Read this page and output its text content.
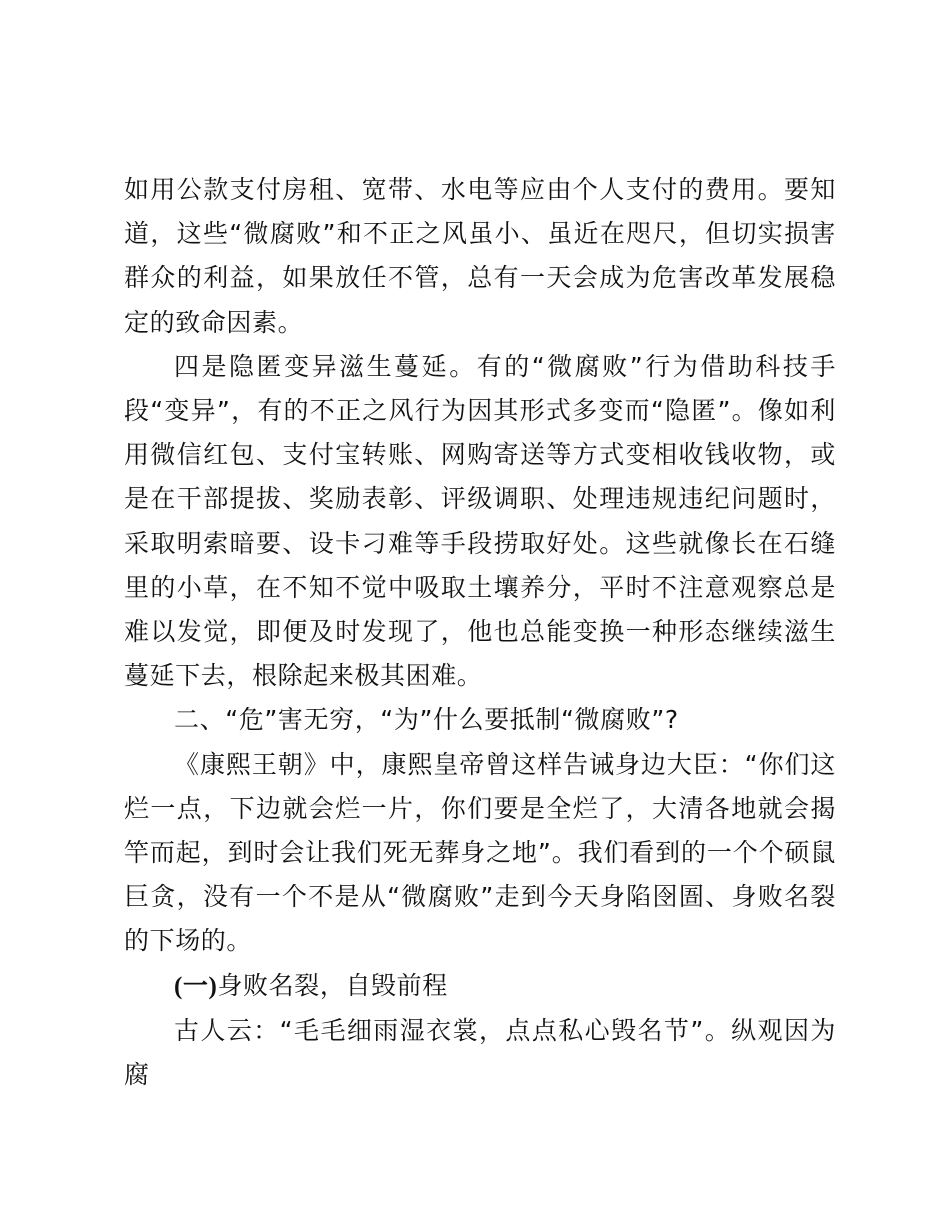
如用公款支付房租、宽带、水电等应由个人支付的费用。要知道，这些“微腐败”和不正之风虽小、虽近在咫尺，但切实损害群众的利益，如果放任不管，总有一天会成为危害改革发展稳定的致命因素。

四是隐匿变异滋生蔓延。有的“微腐败”行为借助科技手段“变异”，有的不正之风行为因其形式多变而“隐匿”。像如利用微信红包、支付宝转账、网购寄送等方式变相收钱收物，或是在干部提拔、奖励表彰、评级调职、处理违规违纪问题时，采取明索暗要、设卡刁难等手段捞取好处。这些就像长在石缝里的小草，在不知不觉中吸取土壤养分，平时不注意观察总是难以发觉，即便及时发现了，他也总能变换一种形态继续滋生蔓延下去，根除起来极其困难。

二、“危”害无穷，“为”什么要抵制“微腐败”?

《康熙王朝》中，康熙皇帝曾这样告诫身边大臣：“你们这烂一点，下边就会烂一片，你们要是全烂了，大清各地就会揭竿而起，到时会让我们死无葬身之地”。我们看到的一个个硕鼠巨贪，没有一个不是从“微腐败”走到今天身陷囹圄、身败名裂的下场的。

(一)身败名裂，自毁前程

古人云：“毛毛细雨湿衣裳，点点私心毁名节”。纵观因为腐
